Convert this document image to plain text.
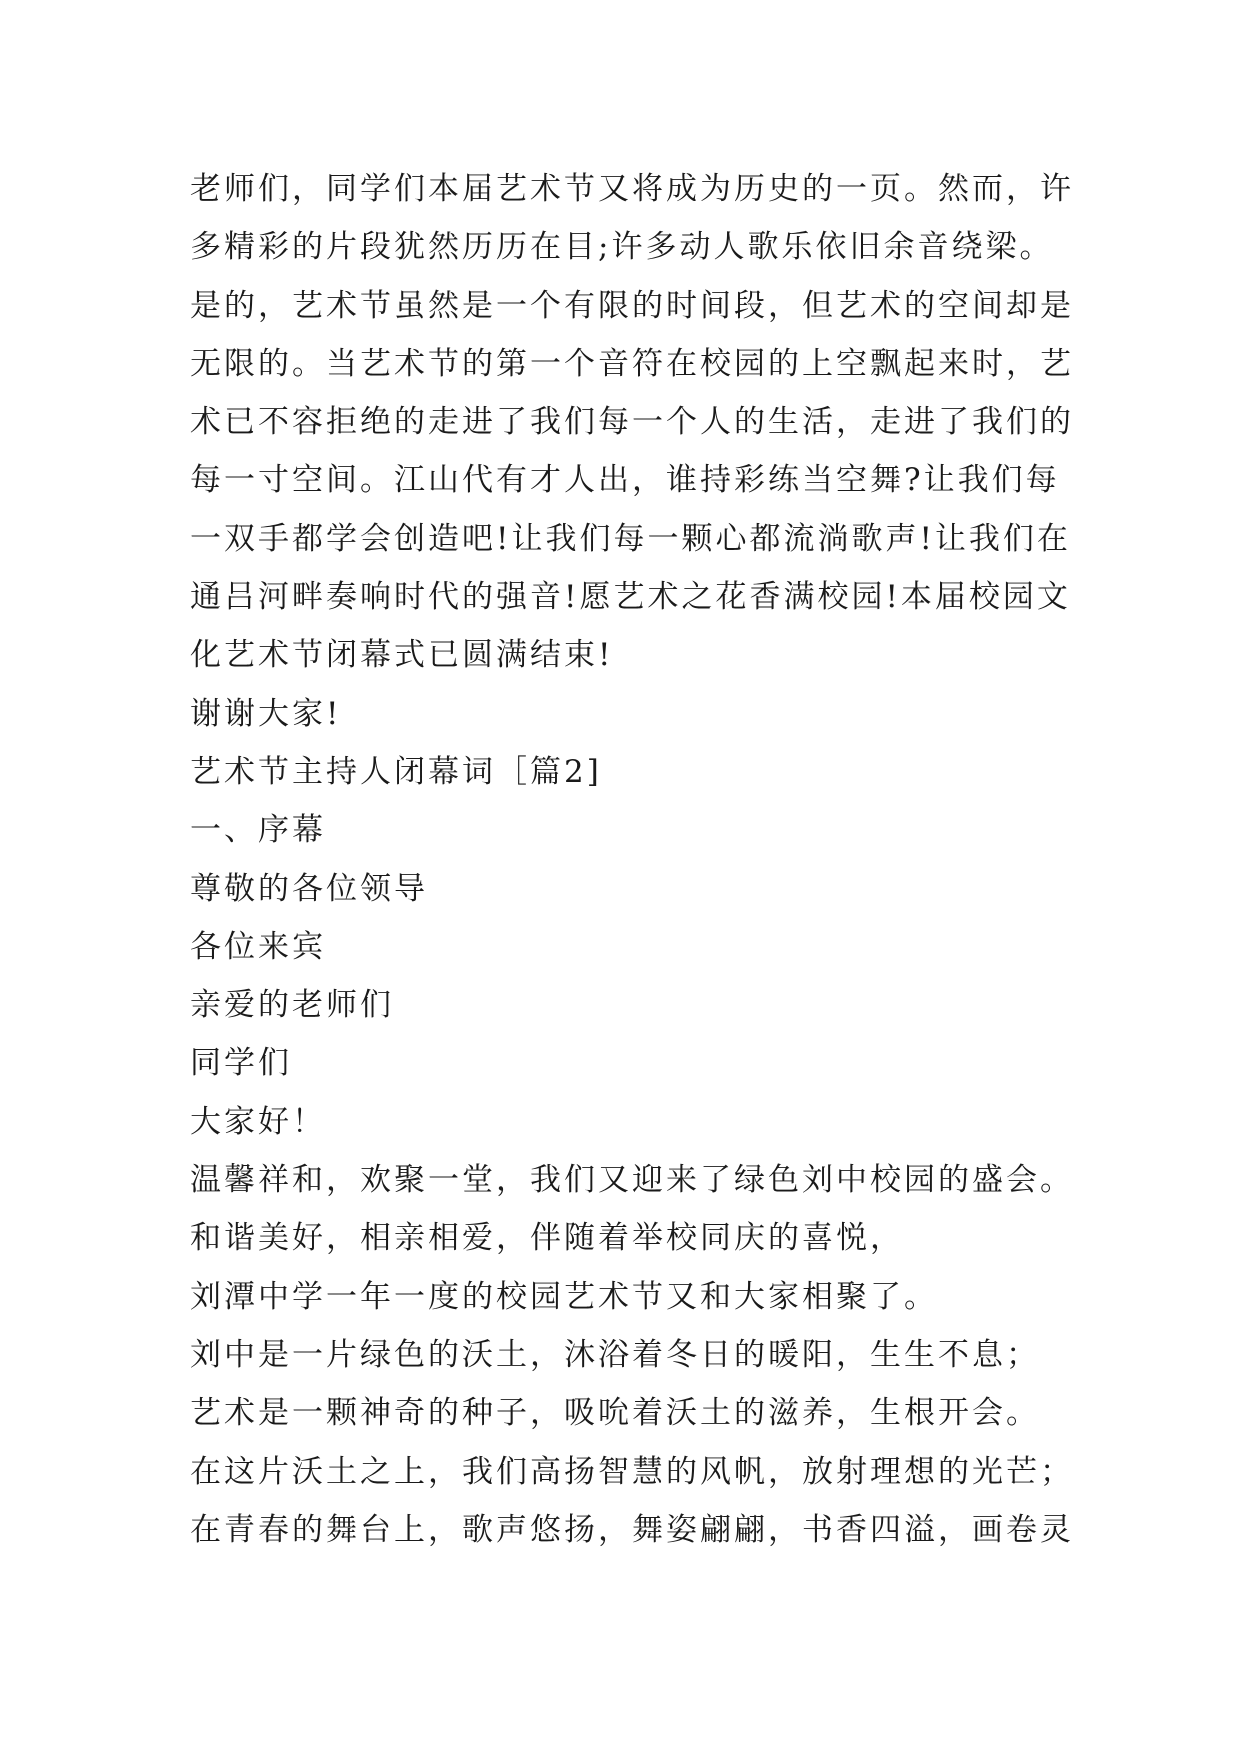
老师们，同学们本届艺术节又将成为历史的一页。然而，许
多精彩的片段犹然历历在目;许多动人歌乐依旧余音绕梁。
是的，艺术节虽然是一个有限的时间段，但艺术的空间却是
无限的。当艺术节的第一个音符在校园的上空飘起来时，艺
术已不容拒绝的走进了我们每一个人的生活，走进了我们的
每一寸空间。江山代有才人出，谁持彩练当空舞?让我们每
一双手都学会创造吧!让我们每一颗心都流淌歌声!让我们在
通吕河畔奏响时代的强音!愿艺术之花香满校园!本届校园文
化艺术节闭幕式已圆满结束!
谢谢大家!
艺术节主持人闭幕词［篇2]
一、序幕
尊敬的各位领导
各位来宾
亲爱的老师们
同学们
大家好！
温馨祥和，欢聚一堂，我们又迎来了绿色刘中校园的盛会。
和谐美好，相亲相爱，伴随着举校同庆的喜悦，
刘潭中学一年一度的校园艺术节又和大家相聚了。
刘中是一片绿色的沃土，沐浴着冬日的暖阳，生生不息；
艺术是一颗神奇的种子，吸吮着沃土的滋养，生根开会。
在这片沃土之上，我们高扬智慧的风帆，放射理想的光芒；
在青春的舞台上，歌声悠扬，舞姿翩翩，书香四溢，画卷灵
